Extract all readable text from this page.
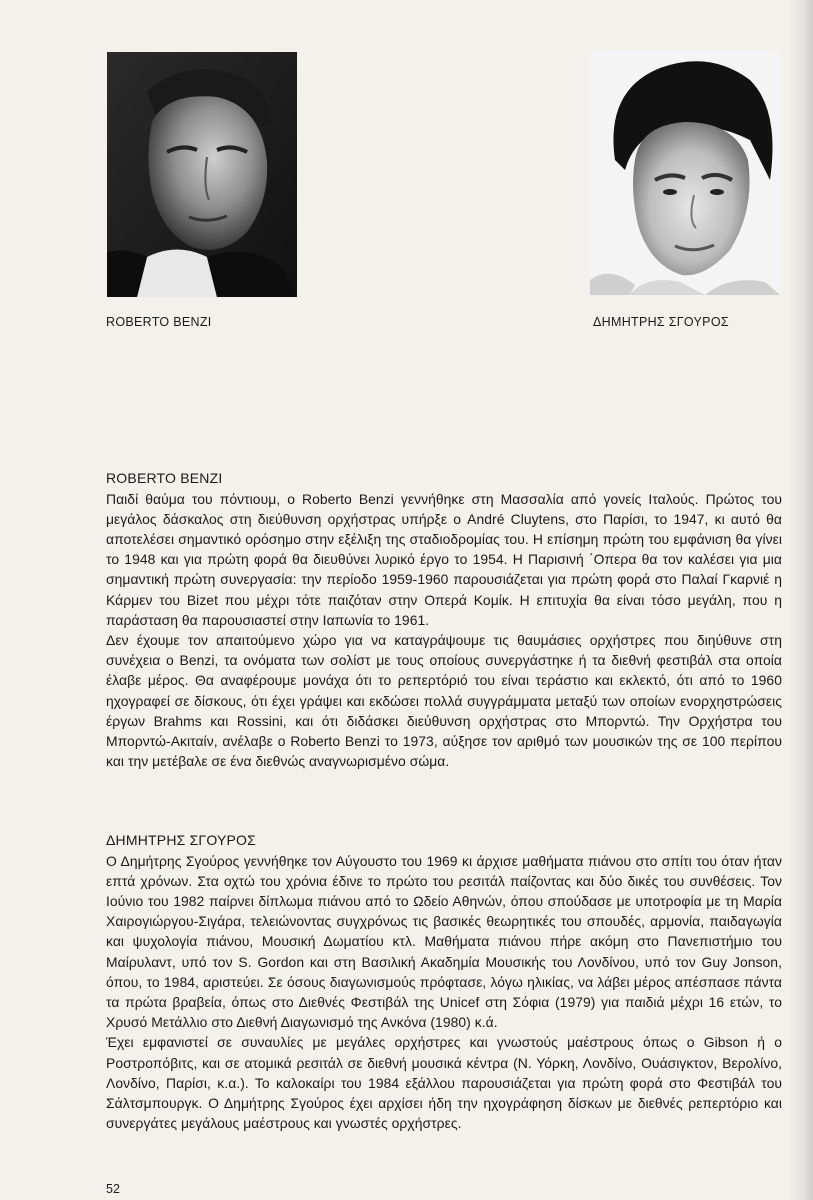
ROBERTO BENZI	ΔΗΜΗΤΡΗΣ ΣΓΟΥΡΟΣ
ROBERTO BENZI

Παιδί θαύμα του πόντιουμ, ο Roberto Benzi γεννήθηκε στη Μασσαλία από γονείς Ιταλούς. Πρώτος του μεγάλος δάσκαλος στη διεύθυνση ορχήστρας υπήρξε ο André Cluytens, στο Παρίσι, το 1947, κι αυτό θα αποτελέσει σημαντικό ορόσημο στην εξέλιξη της σταδιοδρομίας του. Η επίσημη πρώτη του εμφάνιση θα γίνει το 1948 και για πρώτη φορά θα διευθύνει λυρικό έργο το 1954. Η Παρισινή ΄Οπερα θα τον καλέσει για μια σημαντική πρώτη συνεργασία: την περίοδο 1959-1960 παρουσιάζεται για πρώτη φορά στο Παλαί Γκαρνιέ η Κάρμεν του Bizet που μέχρι τότε παιζόταν στην Οπερά Κομίκ. Η επιτυχία θα είναι τόσο μεγάλη, που η παράσταση θα παρουσιαστεί στην Ιαπωνία το 1961.

Δεν έχουμε τον απαιτούμενο χώρο για να καταγράψουμε τις θαυμάσιες ορχήστρες που διηύθυνε στη συνέχεια ο Benzi, τα ονόματα των σολίστ με τους οποίους συνεργάστηκε ή τα διεθνή φεστιβάλ στα οποία έλαβε μέρος. Θα αναφέρουμε μονάχα ότι το ρεπερτόριό του είναι τεράστιο και εκλεκτό, ότι από το 1960 ηχογραφεί σε δίσκους, ότι έχει γράψει και εκδώσει πολλά συγγράμματα μεταξύ των οποίων ενορχηστρώσεις έργων Brahms και Rossini, και ότι διδάσκει διεύθυνση ορχήστρας στο Μπορντώ. Την Ορχήστρα του Μπορντώ-Ακιταίν, ανέλαβε ο Roberto Benzi το 1973, αύξησε τον αριθμό των μουσικών της σε 100 περίπου και την μετέβαλε σε ένα διεθνώς αναγνωρισμένο σώμα.

ΔΗΜΗΤΡΗΣ ΣΓΟΥΡΟΣ

Ο Δημήτρης Σγούρος γεννήθηκε τον Αύγουστο του 1969 κι άρχισε μαθήματα πιάνου στο σπίτι του όταν ήταν επτά χρόνων. Στα οχτώ του χρόνια έδινε το πρώτο του ρεσιτάλ παίζοντας και δύο δικές του συνθέσεις. Τον Ιούνιο του 1982 παίρνει δίπλωμα πιάνου από το Ωδείο Αθηνών, όπου σπούδασε με υποτροφία με τη Μαρία Χαιρογιώργου-Σιγάρα, τελειώνοντας συγχρόνως τις βασικές θεωρητικές του σπουδές, αρμονία, παιδαγωγία και ψυχολογία πιάνου, Μουσική Δωματίου κτλ. Μαθήματα πιάνου πήρε ακόμη στο Πανεπιστήμιο του Μαίρυλαντ, υπό τον S. Gordon και στη Βασιλική Ακαδημία Μουσικής του Λονδίνου, υπό τον Guy Jonson, όπου, το 1984, αριστεύει. Σε όσους διαγωνισμούς πρόφτασε, λόγω ηλικίας, να λάβει μέρος απέσπασε πάντα τα πρώτα βραβεία, όπως στο Διεθνές Φεστιβάλ της Unicef στη Σόφια (1979) για παιδιά μέχρι 16 ετών, το Χρυσό Μετάλλιο στο Διεθνή Διαγωνισμό της Ανκόνα (1980) κ.ά.

Έχει εμφανιστεί σε συναυλίες με μεγάλες ορχήστρες και γνωστούς μαέστρους όπως ο Gibson ή ο Ροστροπόβιτς, και σε ατομικά ρεσιτάλ σε διεθνή μουσικά κέντρα (Ν. Υόρκη, Λονδίνο, Ουάσιγκτον, Βερολίνο, Λονδίνο, Παρίσι, κ.α.). Το καλοκαίρι του 1984 εξάλλου παρουσιάζεται για πρώτη φορά στο Φεστιβάλ του Σάλτσμπουργκ. Ο Δημήτρης Σγούρος έχει αρχίσει ήδη την ηχογράφηση δίσκων με διεθνές ρεπερτόριο και συνεργάτες μεγάλους μαέστρους και γνωστές ορχήστρες.

52
